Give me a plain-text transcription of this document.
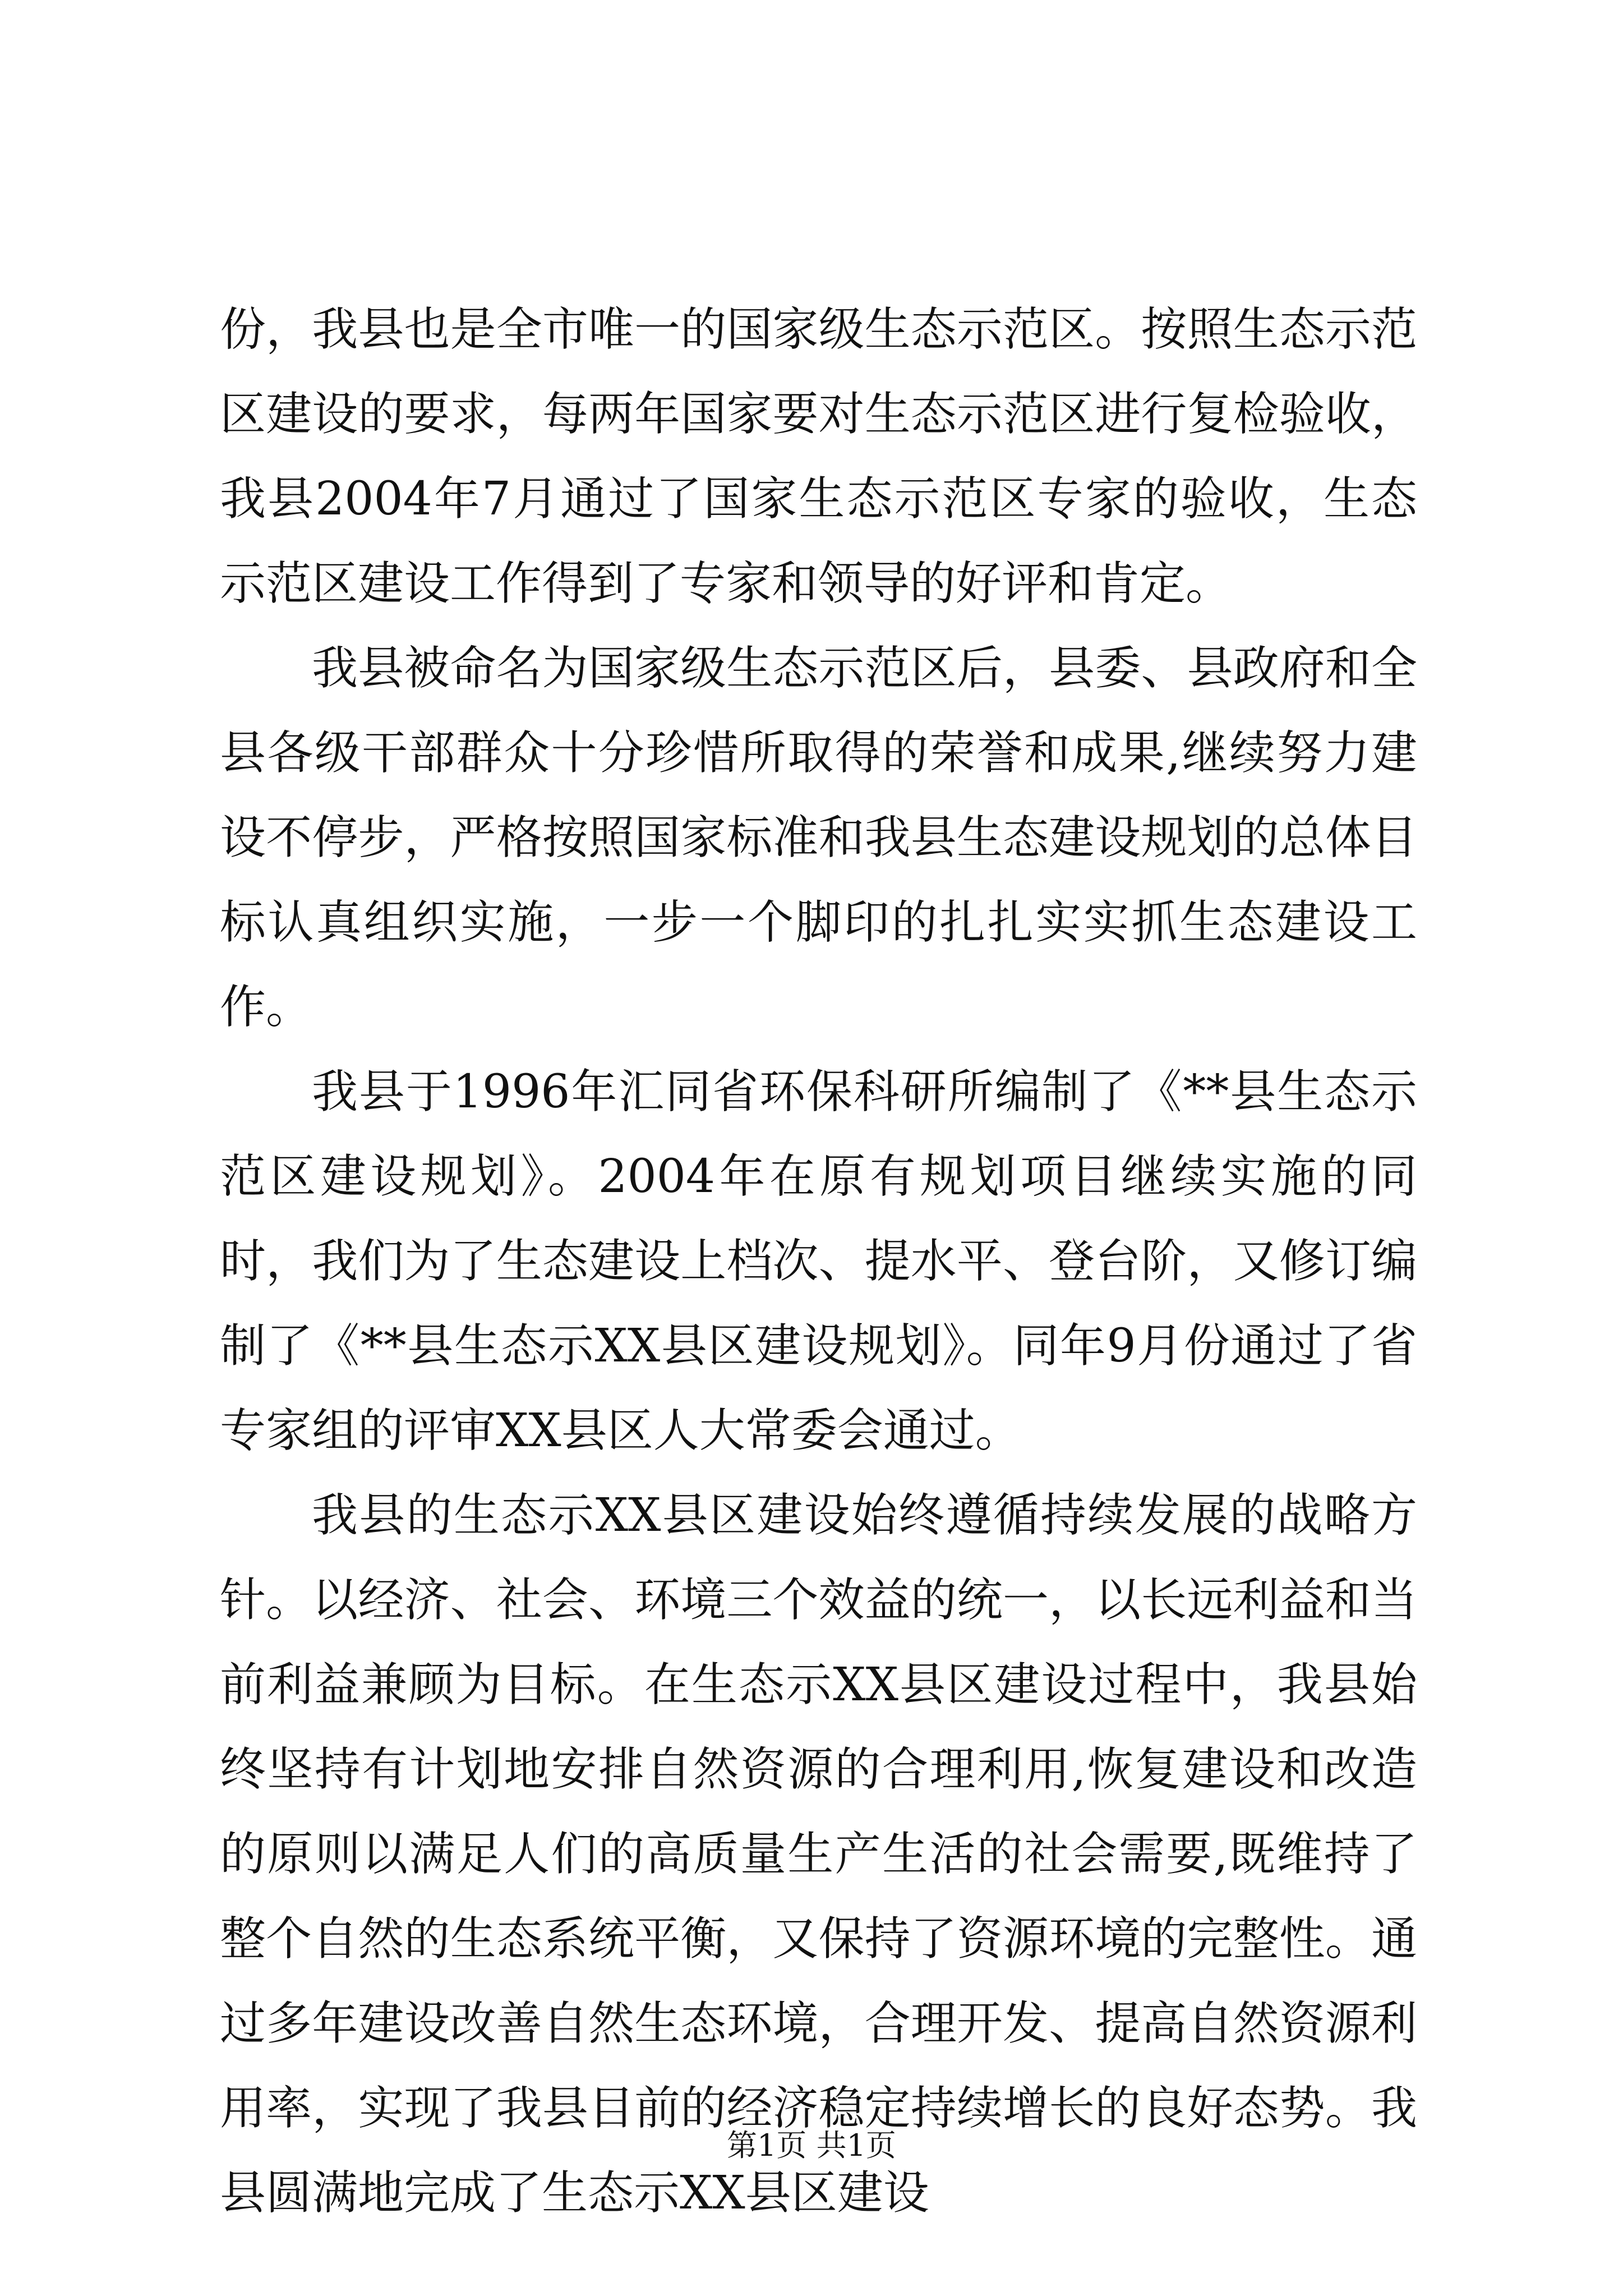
份，我县也是全市唯一的国家级生态示范区。按照生态示范区建设的要求，每两年国家要对生态示范区进行复检验收，我县2004年7月通过了国家生态示范区专家的验收，生态示范区建设工作得到了专家和领导的好评和肯定。

我县被命名为国家级生态示范区后，县委、县政府和全县各级干部群众十分珍惜所取得的荣誉和成果,继续努力建设不停步，严格按照国家标准和我县生态建设规划的总体目标认真组织实施，一步一个脚印的扎扎实实抓生态建设工作。

我县于1996年汇同省环保科研所编制了《**县生态示范区建设规划》。2004年在原有规划项目继续实施的同时，我们为了生态建设上档次、提水平、登台阶，又修订编制了《**县生态示XX县区建设规划》。同年9月份通过了省专家组的评审XX县区人大常委会通过。

我县的生态示XX县区建设始终遵循持续发展的战略方针。以经济、社会、环境三个效益的统一，以长远利益和当前利益兼顾为目标。在生态示XX县区建设过程中，我县始终坚持有计划地安排自然资源的合理利用,恢复建设和改造的原则以满足人们的高质量生产生活的社会需要,既维持了整个自然的生态系统平衡，又保持了资源环境的完整性。通过多年建设改善自然生态环境，合理开发、提高自然资源利用率，实现了我县目前的经济稳定持续增长的良好态势。我县圆满地完成了生态示XX县区建设

第1页 共1页
